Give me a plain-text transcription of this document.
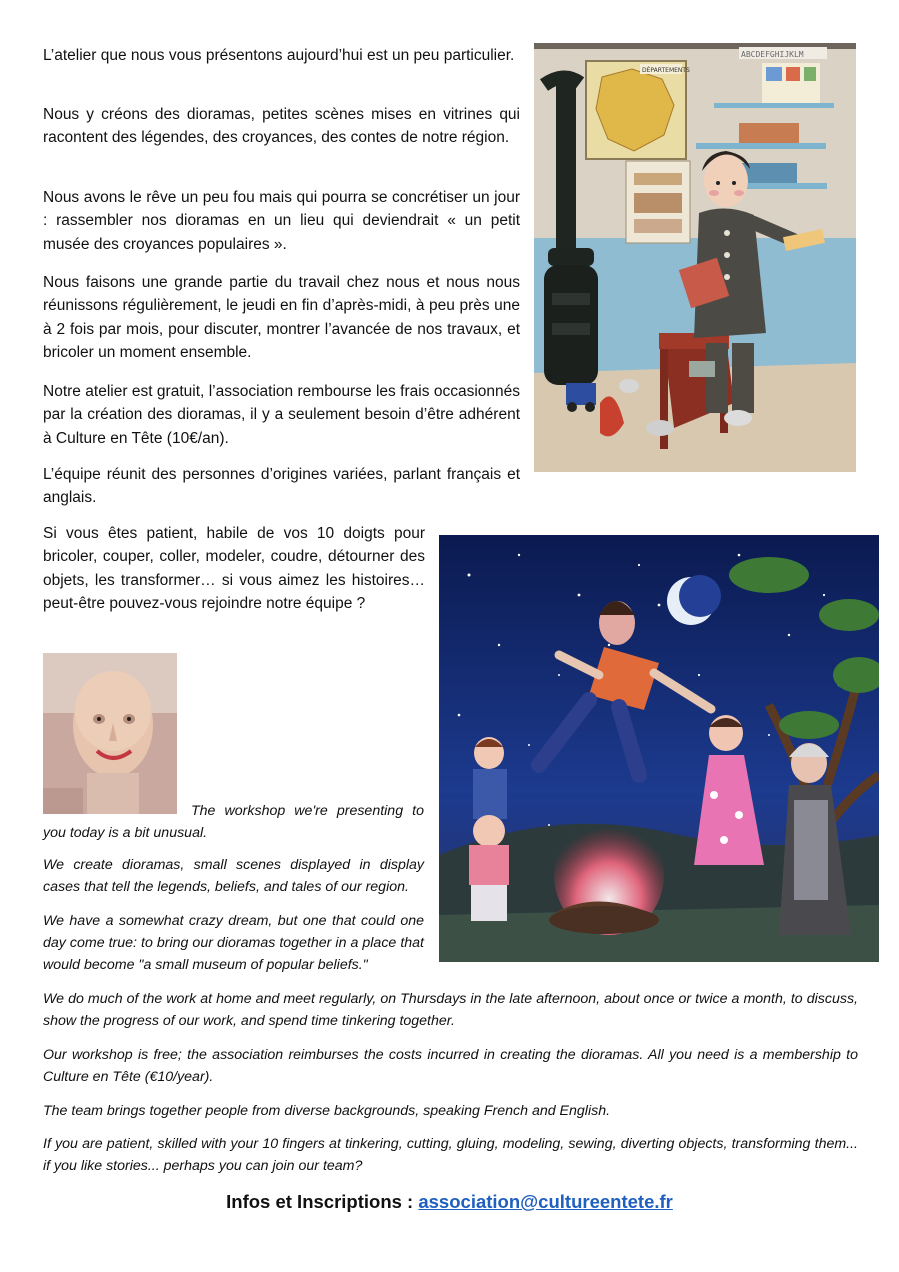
L’atelier que nous vous présentons aujourd’hui est un peu particulier.

Nous y créons des dioramas, petites scènes mises en vitrines qui racontent des légendes, des croyances, des contes de notre région.

Nous avons le rêve un peu fou mais qui pourra se concrétiser un jour : rassembler nos dioramas en un lieu qui deviendrait « un petit musée des croyances populaires ».

Nous faisons une grande partie du travail chez nous et nous nous réunissons régulièrement, le jeudi en fin d’après-midi, à peu près une à 2 fois par mois, pour discuter, montrer l’avancée de nos travaux, et bricoler un moment ensemble.

Notre atelier est gratuit, l’association rembourse les frais occasionnés par la création des dioramas, il y a seulement besoin d’être adhérent à Culture en Tête (10€/an).

L’équipe réunit des personnes d’origines variées, parlant français et anglais.

Si vous êtes patient, habile de vos 10 doigts pour bricoler, couper, coller, modeler, coudre, détourner des objets, les transformer… si vous aimez les histoires… peut-être pouvez-vous rejoindre notre équipe ?

ABCDEFGHIJKLM
DÉPARTEMENTS

The workshop we're presenting to you today is a bit unusual.

We create dioramas, small scenes displayed in display cases that tell the legends, beliefs, and tales of our region.

We have a somewhat crazy dream, but one that could one day come true: to bring our dioramas together in a place that would become "a small museum of popular beliefs."

We do much of the work at home and meet regularly, on Thursdays in the late afternoon, about once or twice a month, to discuss, show the progress of our work, and spend time tinkering together.

Our workshop is free; the association reimburses the costs incurred in creating the dioramas. All you need is a membership to Culture en Tête (€10/year).

The team brings together people from diverse backgrounds, speaking French and English.

If you are patient, skilled with your 10 fingers at tinkering, cutting, gluing, modeling, sewing, diverting objects, transforming them... if you like stories... perhaps you can join our team?

Infos et Inscriptions : association@cultureentete.fr
